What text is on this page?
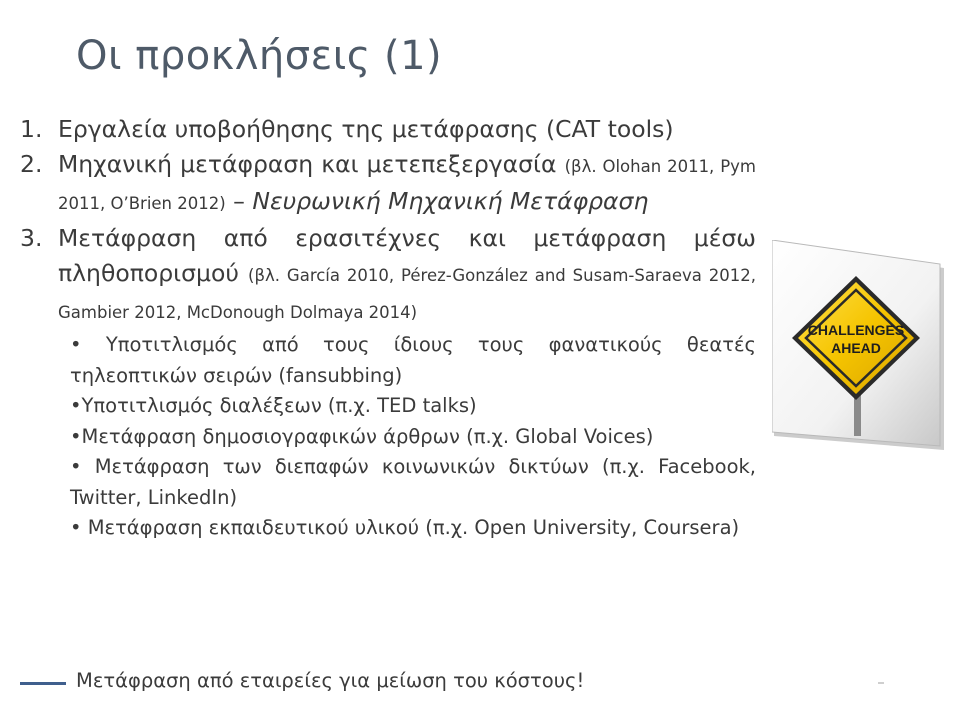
Οι προκλήσεις (1)
1. Εργαλεία υποβοήθησης της μετάφρασης (CAT tools)
2. Μηχανική μετάφραση και μετεπεξεργασία (βλ. Olohan 2011, Pym 2011, O’Brien 2012) – Νευρωνική Μηχανική Μετάφραση
3. Μετάφραση από ερασιτέχνες και μετάφραση μέσω πληθοπορισμού (βλ. García 2010, Pérez-González and Susam-Saraeva 2012, Gambier 2012, McDonough Dolmaya 2014)
• Υποτιτλισμός από τους ίδιους τους φανατικούς θεατές τηλεοπτικών σειρών (fansubbing)
•Υποτιτλισμός διαλέξεων (π.χ. TED talks)
•Μετάφραση δημοσιογραφικών άρθρων (π.χ. Global Voices)
• Μετάφραση των διεπαφών κοινωνικών δικτύων (π.χ. Facebook, Twitter, LinkedIn)
• Μετάφραση εκπαιδευτικού υλικού (π.χ. Open University, Coursera)
CHALLENGES
AHEAD
Μετάφραση από εταιρείες για μείωση του κόστους!
